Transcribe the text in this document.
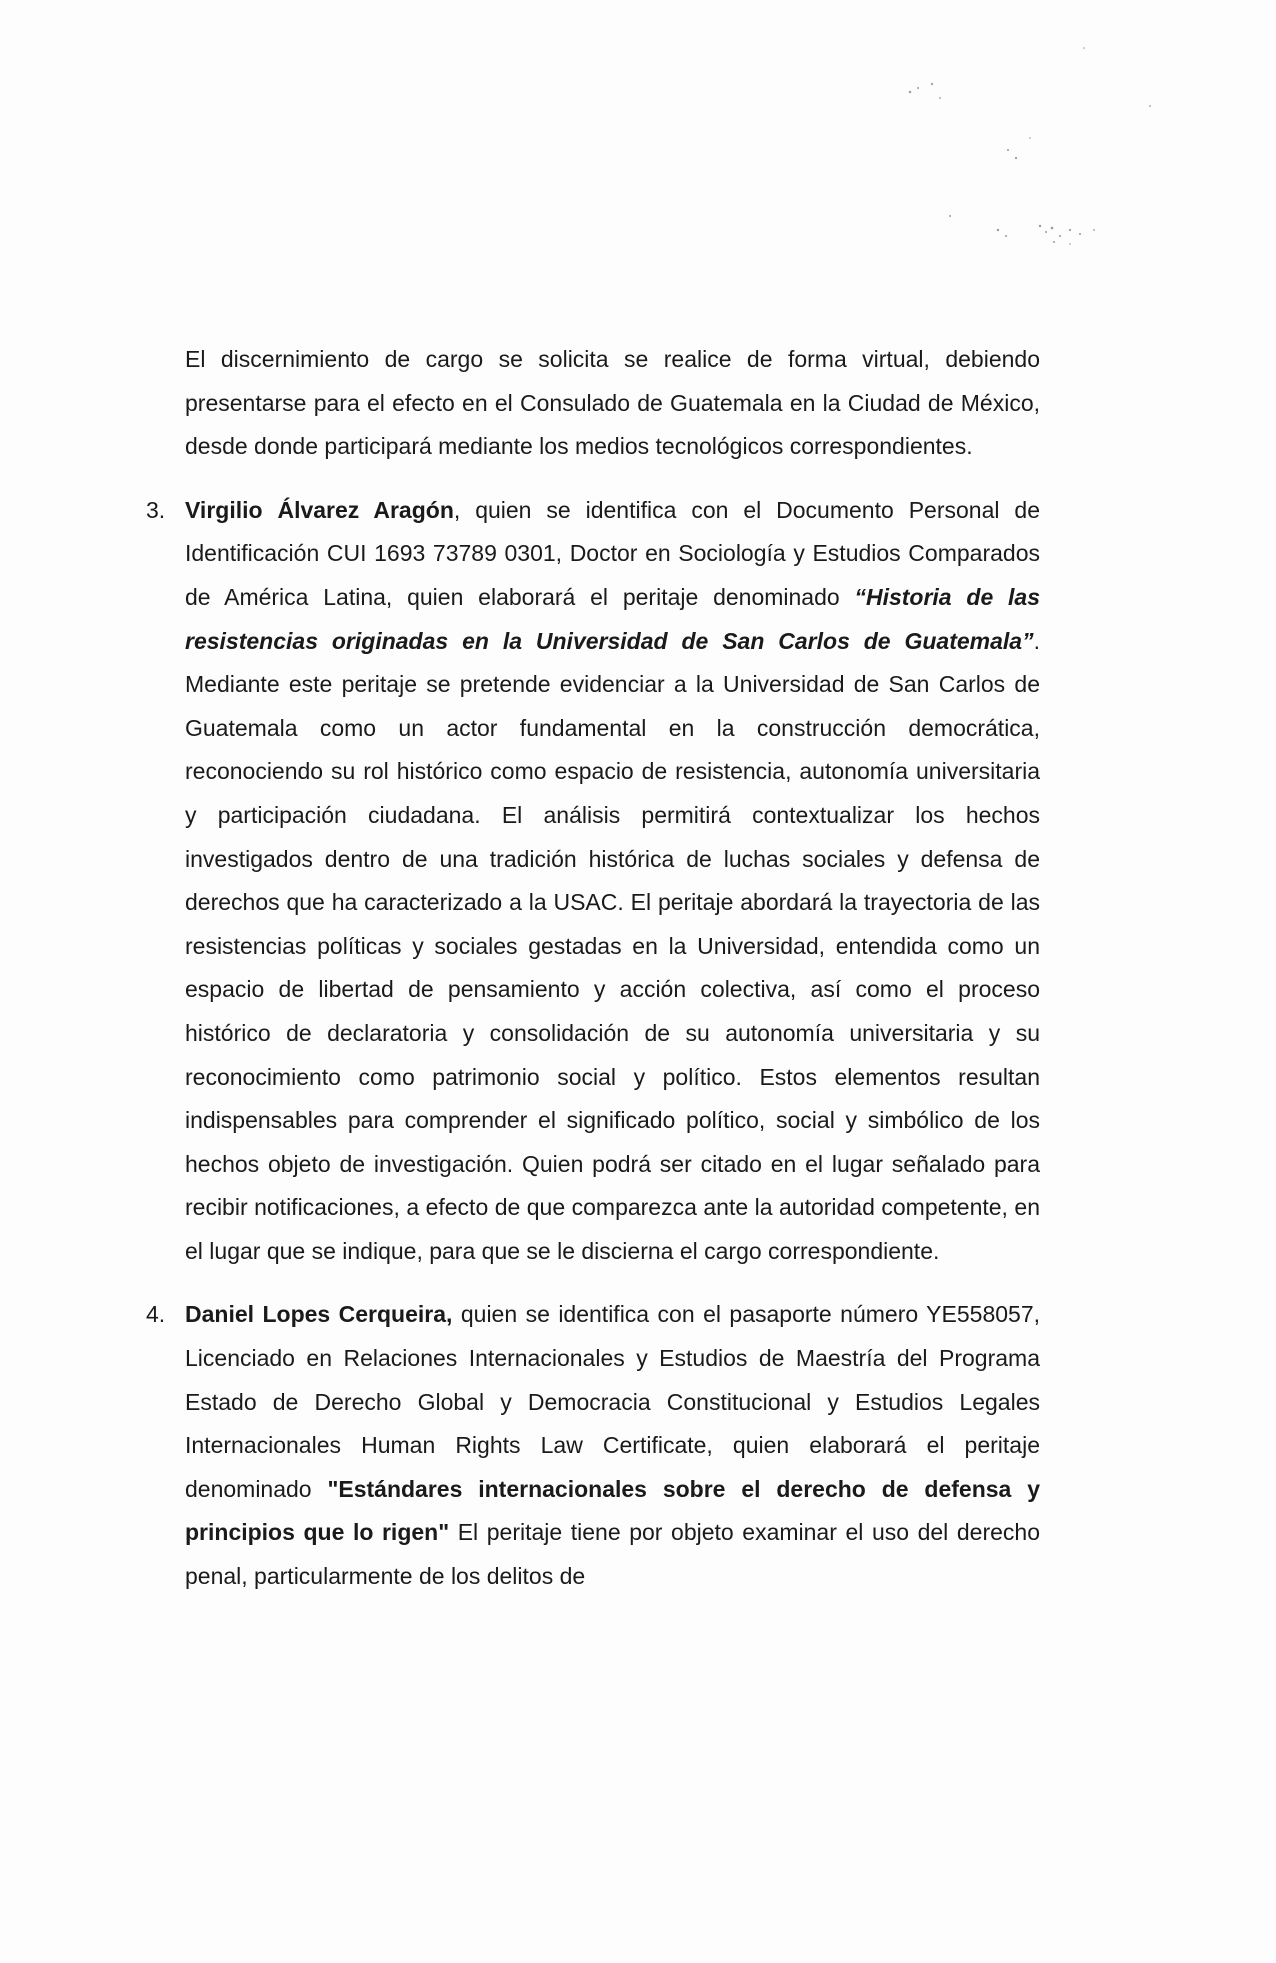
El discernimiento de cargo se solicita se realice de forma virtual, debiendo presentarse para el efecto en el Consulado de Guatemala en la Ciudad de México, desde donde participará mediante los medios tecnológicos correspondientes.

3. Virgilio Álvarez Aragón, quien se identifica con el Documento Personal de Identificación CUI 1693 73789 0301, Doctor en Sociología y Estudios Comparados de América Latina, quien elaborará el peritaje denominado “Historia de las resistencias originadas en la Universidad de San Carlos de Guatemala”. Mediante este peritaje se pretende evidenciar a la Universidad de San Carlos de Guatemala como un actor fundamental en la construcción democrática, reconociendo su rol histórico como espacio de resistencia, autonomía universitaria y participación ciudadana. El análisis permitirá contextualizar los hechos investigados dentro de una tradición histórica de luchas sociales y defensa de derechos que ha caracterizado a la USAC. El peritaje abordará la trayectoria de las resistencias políticas y sociales gestadas en la Universidad, entendida como un espacio de libertad de pensamiento y acción colectiva, así como el proceso histórico de declaratoria y consolidación de su autonomía universitaria y su reconocimiento como patrimonio social y político. Estos elementos resultan indispensables para comprender el significado político, social y simbólico de los hechos objeto de investigación. Quien podrá ser citado en el lugar señalado para recibir notificaciones, a efecto de que comparezca ante la autoridad competente, en el lugar que se indique, para que se le discierna el cargo correspondiente.
4. Daniel Lopes Cerqueira, quien se identifica con el pasaporte número YE558057, Licenciado en Relaciones Internacionales y Estudios de Maestría del Programa Estado de Derecho Global y Democracia Constitucional y Estudios Legales Internacionales Human Rights Law Certificate, quien elaborará el peritaje denominado "Estándares internacionales sobre el derecho de defensa y principios que lo rigen" El peritaje tiene por objeto examinar el uso del derecho penal, particularmente de los delitos de
